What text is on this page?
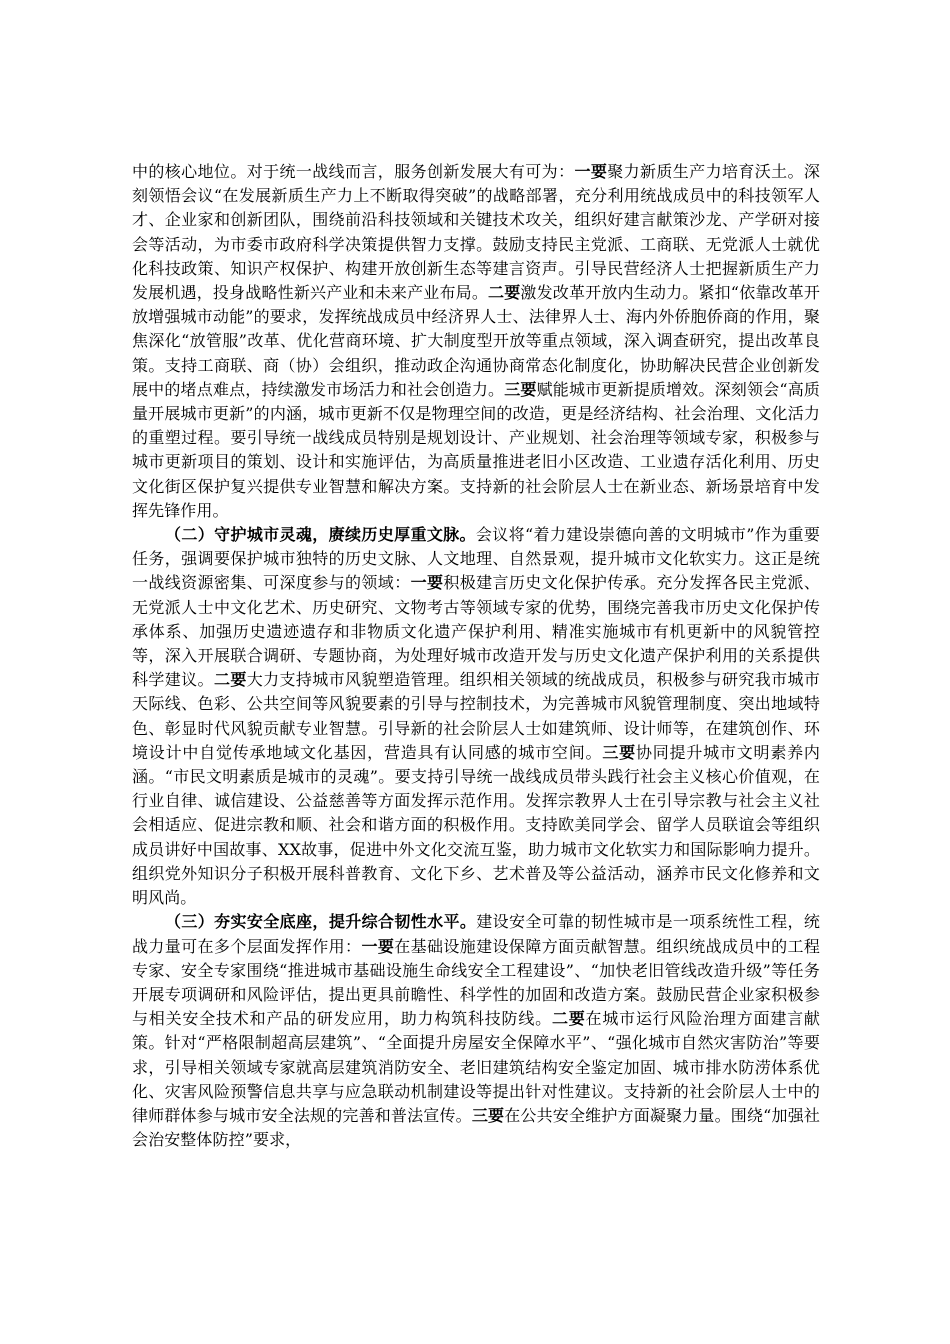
中的核心地位。对于统一战线而言，服务创新发展大有可为：一要聚力新质生产力培育沃土。深刻领悟会议“在发展新质生产力上不断取得突破”的战略部署，充分利用统战成员中的科技领军人才、企业家和创新团队，围绕前沿科技领域和关键技术攻关，组织好建言献策沙龙、产学研对接会等活动，为市委市政府科学决策提供智力支撑。鼓励支持民主党派、工商联、无党派人士就优化科技政策、知识产权保护、构建开放创新生态等建言资声。引导民营经济人士把握新质生产力发展机遇，投身战略性新兴产业和未来产业布局。二要激发改革开放内生动力。紧扣“依靠改革开放增强城市动能”的要求，发挥统战成员中经济界人士、法律界人士、海内外侨胞侨商的作用，聚焦深化“放管服”改革、优化营商环境、扩大制度型开放等重点领域，深入调查研究，提出改革良策。支持工商联、商（协）会组织，推动政企沟通协商常态化制度化，协助解决民营企业创新发展中的堵点难点，持续激发市场活力和社会创造力。三要赋能城市更新提质增效。深刻领会“高质量开展城市更新”的内涵，城市更新不仅是物理空间的改造，更是经济结构、社会治理、文化活力的重塑过程。要引导统一战线成员特别是规划设计、产业规划、社会治理等领域专家，积极参与城市更新项目的策划、设计和实施评估，为高质量推进老旧小区改造、工业遗存活化利用、历史文化街区保护复兴提供专业智慧和解决方案。支持新的社会阶层人士在新业态、新场景培育中发挥先锋作用。

（二）守护城市灵魂，赓续历史厚重文脉。会议将“着力建设崇德向善的文明城市”作为重要任务，强调要保护城市独特的历史文脉、人文地理、自然景观，提升城市文化软实力。这正是统一战线资源密集、可深度参与的领域：一要积极建言历史文化保护传承。充分发挥各民主党派、无党派人士中文化艺术、历史研究、文物考古等领域专家的优势，围绕完善我市历史文化保护传承体系、加强历史遗迹遗存和非物质文化遗产保护利用、精准实施城市有机更新中的风貌管控等，深入开展联合调研、专题协商，为处理好城市改造开发与历史文化遗产保护利用的关系提供科学建议。二要大力支持城市风貌塑造管理。组织相关领域的统战成员，积极参与研究我市城市天际线、色彩、公共空间等风貌要素的引导与控制技术，为完善城市风貌管理制度、突出地域特色、彰显时代风貌贡献专业智慧。引导新的社会阶层人士如建筑师、设计师等，在建筑创作、环境设计中自觉传承地域文化基因，营造具有认同感的城市空间。三要协同提升城市文明素养内涵。“市民文明素质是城市的灵魂”。要支持引导统一战线成员带头践行社会主义核心价值观，在行业自律、诚信建设、公益慈善等方面发挥示范作用。发挥宗教界人士在引导宗教与社会主义社会相适应、促进宗教和顺、社会和谐方面的积极作用。支持欧美同学会、留学人员联谊会等组织成员讲好中国故事、XX故事，促进中外文化交流互鉴，助力城市文化软实力和国际影响力提升。组织党外知识分子积极开展科普教育、文化下乡、艺术普及等公益活动，涵养市民文化修养和文明风尚。

（三）夯实安全底座，提升综合韧性水平。建设安全可靠的韧性城市是一项系统性工程，统战力量可在多个层面发挥作用：一要在基础设施建设保障方面贡献智慧。组织统战成员中的工程专家、安全专家围绕“推进城市基础设施生命线安全工程建设”、“加快老旧管线改造升级”等任务开展专项调研和风险评估，提出更具前瞻性、科学性的加固和改造方案。鼓励民营企业家积极参与相关安全技术和产品的研发应用，助力构筑科技防线。二要在城市运行风险治理方面建言献策。针对“严格限制超高层建筑”、“全面提升房屋安全保障水平”、“强化城市自然灾害防治”等要求，引导相关领域专家就高层建筑消防安全、老旧建筑结构安全鉴定加固、城市排水防涝体系优化、灾害风险预警信息共享与应急联动机制建设等提出针对性建议。支持新的社会阶层人士中的律师群体参与城市安全法规的完善和普法宣传。三要在公共安全维护方面凝聚力量。围绕“加强社会治安整体防控”要求，
